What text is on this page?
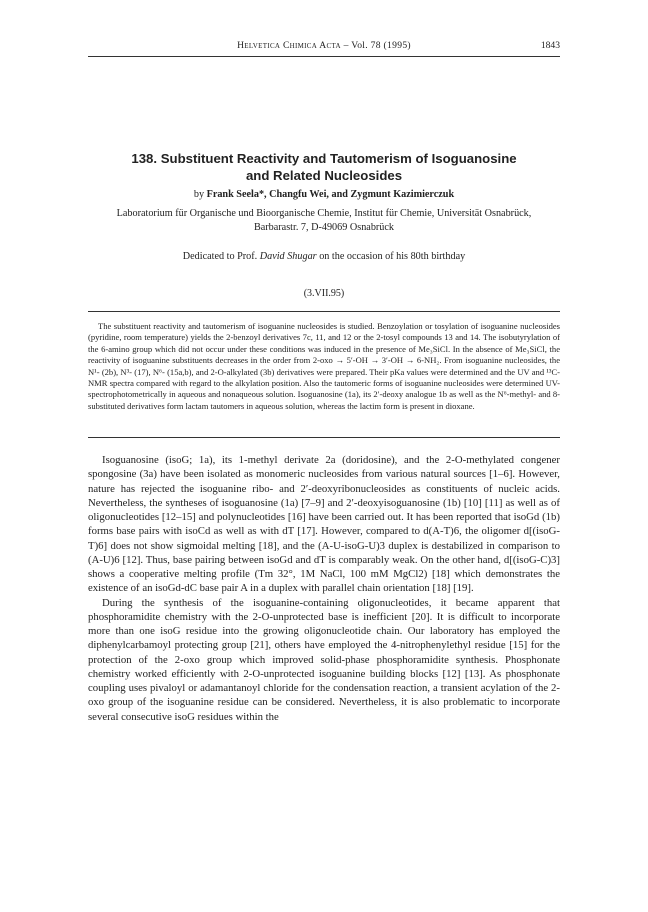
Helvetica Chimica Acta – Vol. 78 (1995)	1843
138. Substituent Reactivity and Tautomerism of Isoguanosine
and Related Nucleosides
by Frank Seela*, Changfu Wei, and Zygmunt Kazimierczuk
Laboratorium für Organische und Bioorganische Chemie, Institut für Chemie, Universität Osnabrück,
Barbarastr. 7, D-49069 Osnabrück
Dedicated to Prof. David Shugar on the occasion of his 80th birthday
(3.VII.95)

The substituent reactivity and tautomerism of isoguanine nucleosides is studied. Benzoylation or tosylation of isoguanine nucleosides (pyridine, room temperature) yields the 2-benzoyl derivatives 7c, 11, and 12 or the 2-tosyl compounds 13 and 14. The isobutyrylation of the 6-amino group which did not occur under these conditions was induced in the presence of Me₃SiCl. In the absence of Me₃SiCl, the reactivity of isoguanine substituents decreases in the order from 2-oxo → 5′-OH → 3′-OH → 6-NH₂. From isoguanine nucleosides, the N¹- (2b), N³- (17), N⁶- (15a,b), and 2-O-alkylated (3b) derivatives were prepared. Their pKa values were determined and the UV and ¹³C-NMR spectra compared with regard to the alkylation position. Also the tautomeric forms of isoguanine nucleosides were determined UV-spectrophotometrically in aqueous and nonaqueous solution. Isoguanosine (1a), its 2′-deoxy analogue 1b as well as the N⁶-methyl- and 8-substituted derivatives form lactam tautomers in aqueous solution, whereas the lactim form is present in dioxane.

Isoguanosine (isoG; 1a), its 1-methyl derivate 2a (doridosine), and the 2-O-methylated congener spongosine (3a) have been isolated as monomeric nucleosides from various natural sources [1–6]. However, nature has rejected the isoguanine ribo- and 2′-deoxyribonucleosides as constituents of nucleic acids. Nevertheless, the syntheses of isoguanosine (1a) [7–9] and 2′-deoxyisoguanosine (1b) [10] [11] as well as of oligonucleotides [12–15] and polynucleotides [16] have been carried out. It has been reported that isoGd (1b) forms base pairs with isoCd as well as with dT [17]. However, compared to d(A-T)6, the oligomer d[(isoG-T)6] does not show sigmoidal melting [18], and the (A-U-isoG-U)3 duplex is destabilized in comparison to (A-U)6 [12]. Thus, base pairing between isoGd and dT is comparably weak. On the other hand, d[(isoG-C)3] shows a cooperative melting profile (Tm 32°, 1M NaCl, 100 mM MgCl2) [18] which demonstrates the existence of an isoGd-dC base pair A in a duplex with parallel chain orientation [18] [19].

During the synthesis of the isoguanine-containing oligonucleotides, it became apparent that phosphoramidite chemistry with the 2-O-unprotected base is inefficient [20]. It is difficult to incorporate more than one isoG residue into the growing oligonucleotide chain. Our laboratory has employed the diphenylcarbamoyl protecting group [21], others have employed the 4-nitrophenylethyl residue [15] for the protection of the 2-oxo group which improved solid-phase phosphoramidite synthesis. Phosphonate chemistry worked efficiently with 2-O-unprotected isoguanine building blocks [12] [13]. As phosphonate coupling uses pivaloyl or adamantanoyl chloride for the condensation reaction, a transient acylation of the 2-oxo group of the isoguanine residue can be considered. Nevertheless, it is also problematic to incorporate several consecutive isoG residues within the
